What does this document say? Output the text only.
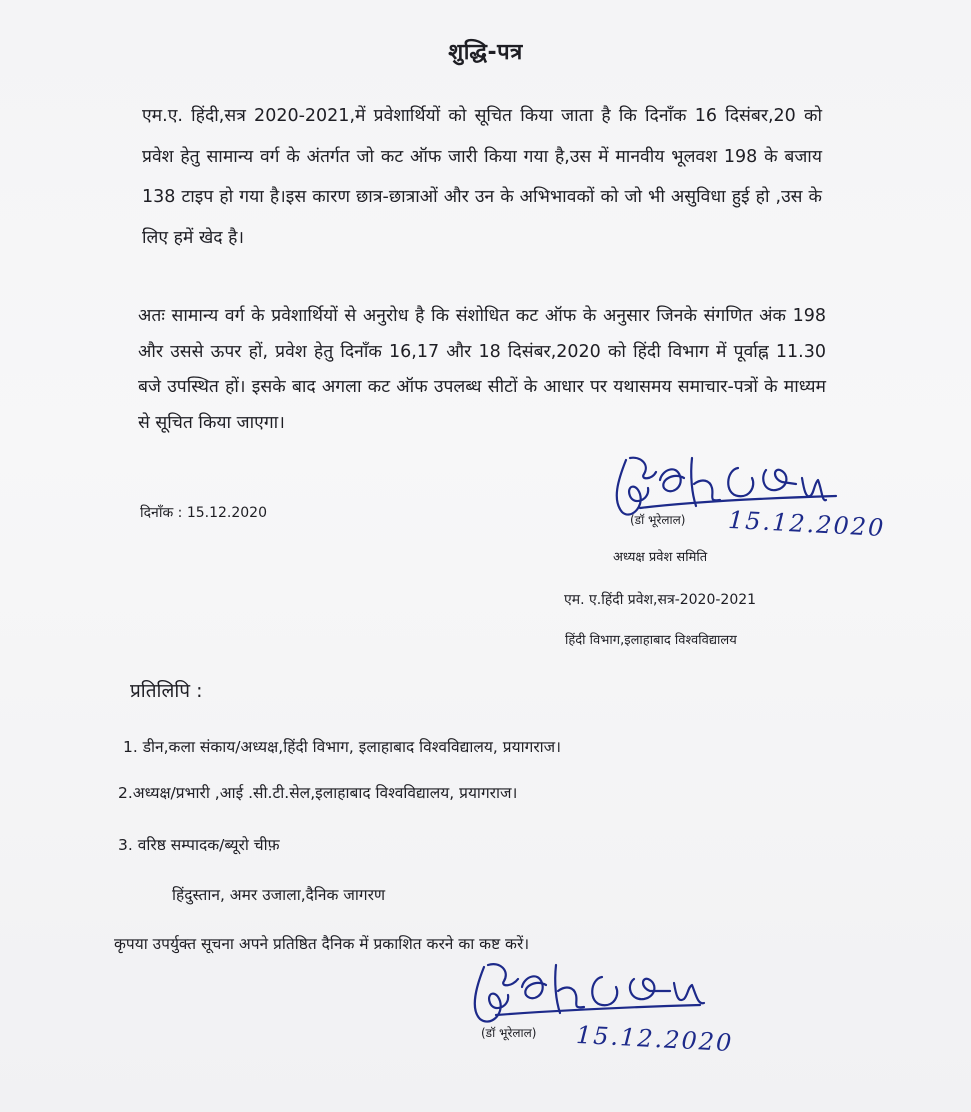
शुद्धि-पत्र

एम.ए. हिंदी,सत्र 2020-2021,में प्रवेशार्थियों को सूचित किया जाता है कि दिनाँक 16 दिसंबर,20 को प्रवेश हेतु सामान्य वर्ग के अंतर्गत जो कट ऑफ जारी किया गया है,उस में मानवीय भूलवश 198 के बजाय 138 टाइप हो गया है।इस कारण छात्र-छात्राओं और उन के अभिभावकों को जो भी असुविधा हुई हो ,उस के लिए हमें खेद है।

अतः सामान्य वर्ग के प्रवेशार्थियों से अनुरोध है कि संशोधित कट ऑफ के अनुसार जिनके संगणित अंक 198 और उससे ऊपर हों, प्रवेश हेतु दिनाँक 16,17 और 18 दिसंबर,2020 को हिंदी विभाग में पूर्वाह्न 11.30 बजे उपस्थित हों। इसके बाद अगला कट ऑफ उपलब्ध सीटों के आधार पर यथासमय समाचार-पत्रों के माध्यम से सूचित किया जाएगा।

दिनाँक : 15.12.2020	(डॉ भूरेलाल) 15.12.2020
अध्यक्ष प्रवेश समिति
एम. ए.हिंदी प्रवेश,सत्र-2020-2021
हिंदी विभाग,इलाहाबाद विश्वविद्यालय
प्रतिलिपि :
1. डीन,कला संकाय/अध्यक्ष,हिंदी विभाग, इलाहाबाद विश्वविद्यालय, प्रयागराज।
2.अध्यक्ष/प्रभारी ,आई .सी.टी.सेल,इलाहाबाद विश्वविद्यालय, प्रयागराज।
3. वरिष्ठ सम्पादक/ब्यूरो चीफ़
हिंदुस्तान, अमर उजाला,दैनिक जागरण
कृपया उपर्युक्त सूचना अपने प्रतिष्ठित दैनिक में प्रकाशित करने का कष्ट करें।
(डॉ भूरेलाल) 15.12.2020
